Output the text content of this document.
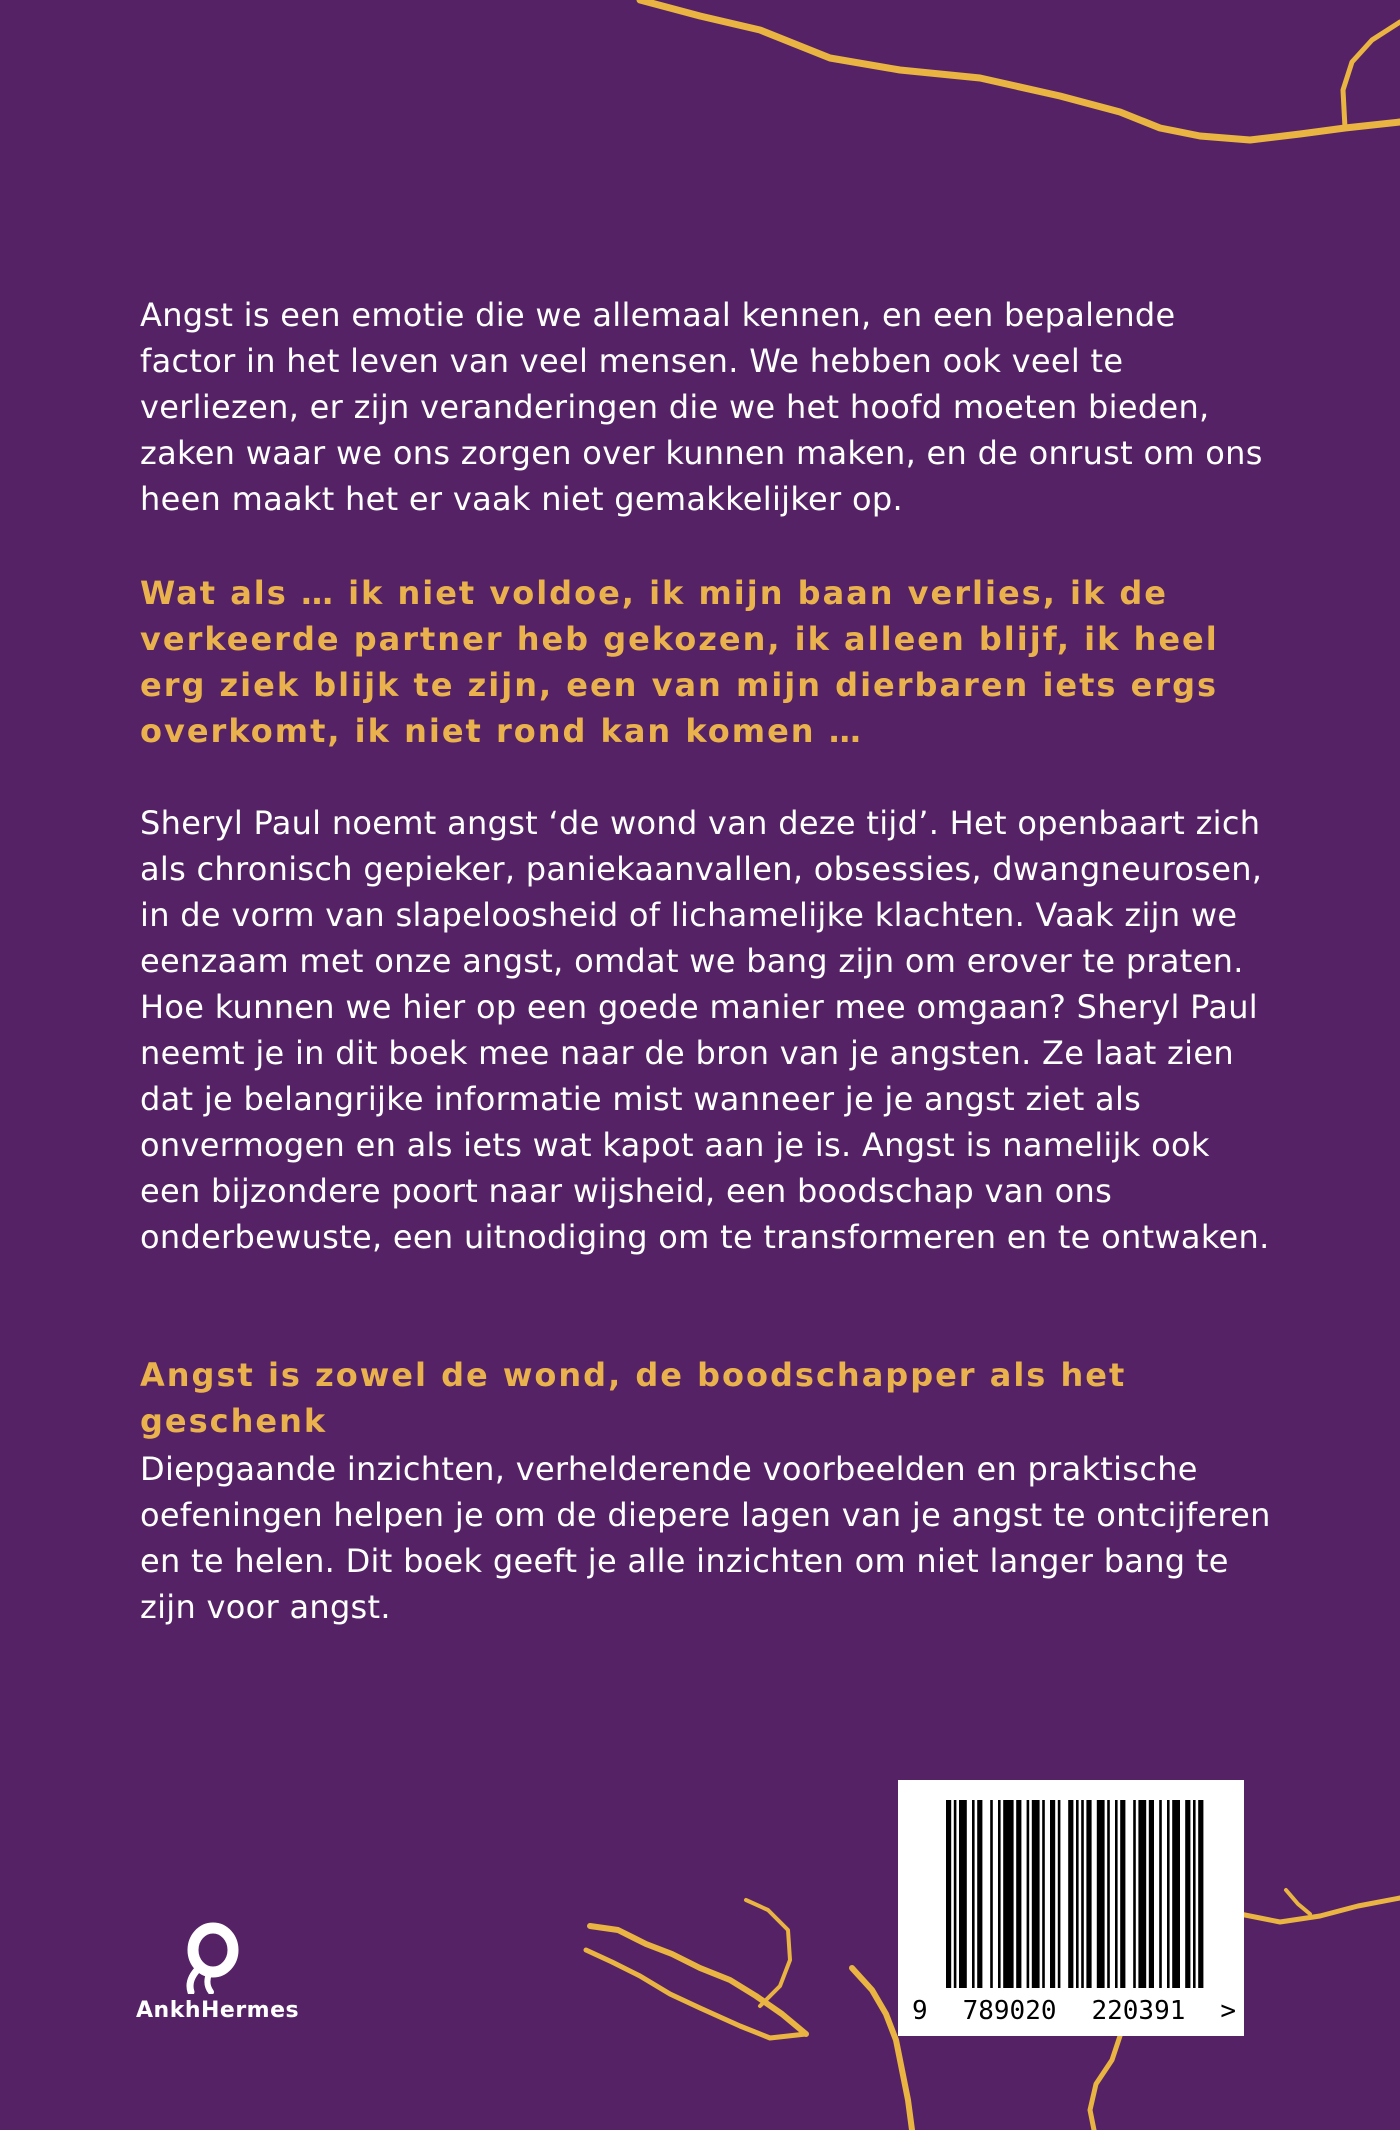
Angst is een emotie die we allemaal kennen, en een bepalende factor in het leven van veel mensen. We hebben ook veel te verliezen, er zijn veranderingen die we het hoofd moeten bieden, zaken waar we ons zorgen over kunnen maken, en de onrust om ons heen maakt het er vaak niet gemakkelijker op.

Wat als … ik niet voldoe, ik mijn baan verlies, ik de verkeerde partner heb gekozen, ik alleen blijf, ik heel erg ziek blijk te zijn, een van mijn dierbaren iets ergs overkomt, ik niet rond kan komen …

Sheryl Paul noemt angst ‘de wond van deze tijd’. Het openbaart zich als chronisch gepieker, paniekaanvallen, obsessies, dwangneurosen, in de vorm van slapeloosheid of lichamelijke klachten. Vaak zijn we eenzaam met onze angst, omdat we bang zijn om erover te praten. Hoe kunnen we hier op een goede manier mee omgaan? Sheryl Paul neemt je in dit boek mee naar de bron van je angsten. Ze laat zien dat je belangrijke informatie mist wanneer je je angst ziet als onvermogen en als iets wat kapot aan je is. Angst is namelijk ook een bijzondere poort naar wijsheid, een boodschap van ons onderbewuste, een uitnodiging om te transformeren en te ontwaken.

Angst is zowel de wond, de boodschapper als het geschenk

Diepgaande inzichten, verhelderende voorbeelden en praktische oefeningen helpen je om de diepere lagen van je angst te ontcijferen en te helen. Dit boek geeft je alle inzichten om niet langer bang te zijn voor angst.

AnkhHermes	9 789020 220391 >
